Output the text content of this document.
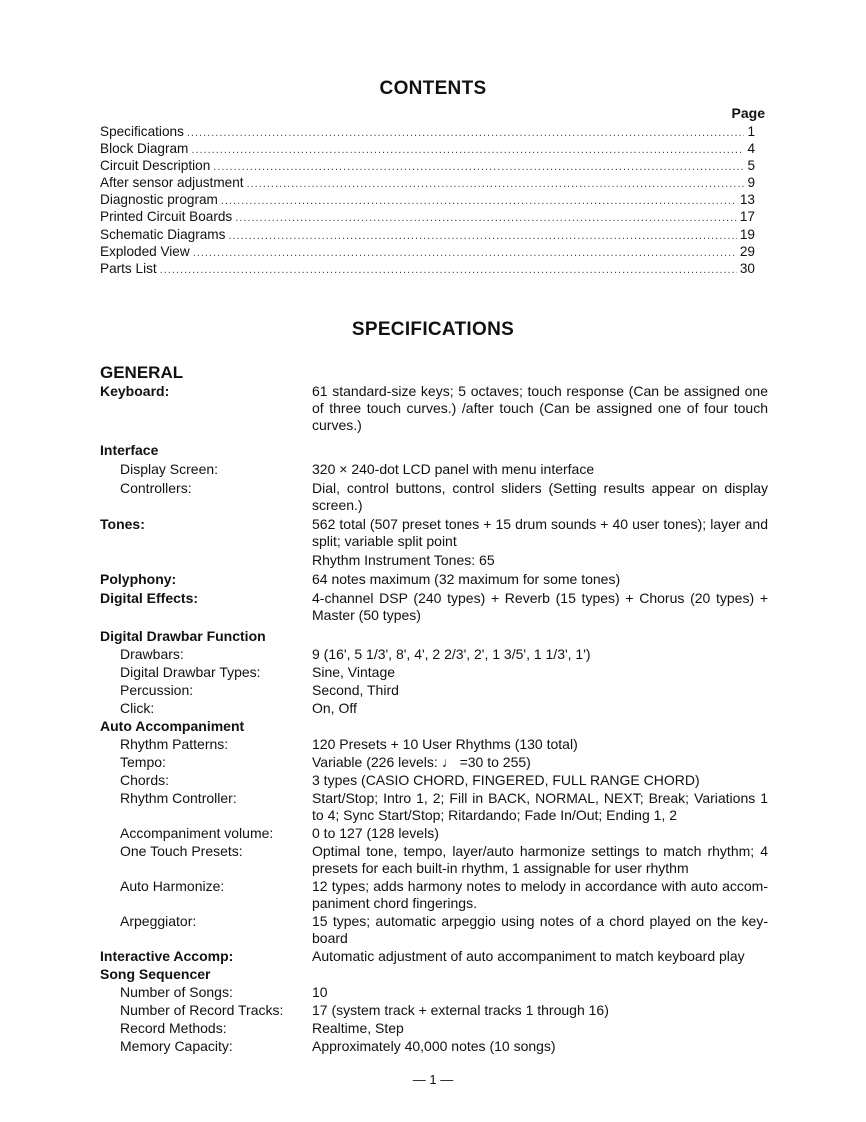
CONTENTS
Page
Specifications .....	1
Block Diagram .....	4
Circuit Description .....	5
After sensor adjustment .....	9
Diagnostic program .....	13
Printed Circuit Boards .....	17
Schematic Diagrams .....	19
Exploded View .....	29
Parts List .....	30
SPECIFICATIONS
GENERAL
Keyboard:	61 standard-size keys; 5 octaves; touch response (Can be assigned one of three touch curves.) /after touch (Can be assigned one of four touch curves.)
Interface
Display Screen:	320 × 240-dot LCD panel with menu interface
Controllers:	Dial, control buttons, control sliders (Setting results appear on display screen.)
Tones:	562 total (507 preset tones + 15 drum sounds + 40 user tones); layer and split; variable split point
Rhythm Instrument Tones: 65
Polyphony:	64 notes maximum (32 maximum for some tones)
Digital Effects:	4-channel DSP (240 types) + Reverb (15 types) + Chorus (20 types) + Master (50 types)
Digital Drawbar Function
Drawbars:	9 (16', 5 1/3', 8', 4', 2 2/3', 2', 1 3/5', 1 1/3', 1')
Digital Drawbar Types:	Sine, Vintage
Percussion:	Second, Third
Click:	On, Off
Auto Accompaniment
Rhythm Patterns:	120 Presets + 10 User Rhythms (130 total)
Tempo:	Variable (226 levels: ♩ =30 to 255)
Chords:	3 types (CASIO CHORD, FINGERED, FULL RANGE CHORD)
Rhythm Controller:	Start/Stop; Intro 1, 2; Fill in BACK, NORMAL, NEXT; Break; Variations 1 to 4; Sync Start/Stop; Ritardando; Fade In/Out; Ending 1, 2
Accompaniment volume:	0 to 127 (128 levels)
One Touch Presets:	Optimal tone, tempo, layer/auto harmonize settings to match rhythm; 4 presets for each built-in rhythm, 1 assignable for user rhythm
Auto Harmonize:	12 types; adds harmony notes to melody in accordance with auto accom-paniment chord fingerings.
Arpeggiator:	15 types; automatic arpeggio using notes of a chord played on the key-board
Interactive Accomp:	Automatic adjustment of auto accompaniment to match keyboard play
Song Sequencer
Number of Songs:	10
Number of Record Tracks:	17 (system track + external tracks 1 through 16)
Record Methods:	Realtime, Step
Memory Capacity:	Approximately 40,000 notes (10 songs)
— 1 —
